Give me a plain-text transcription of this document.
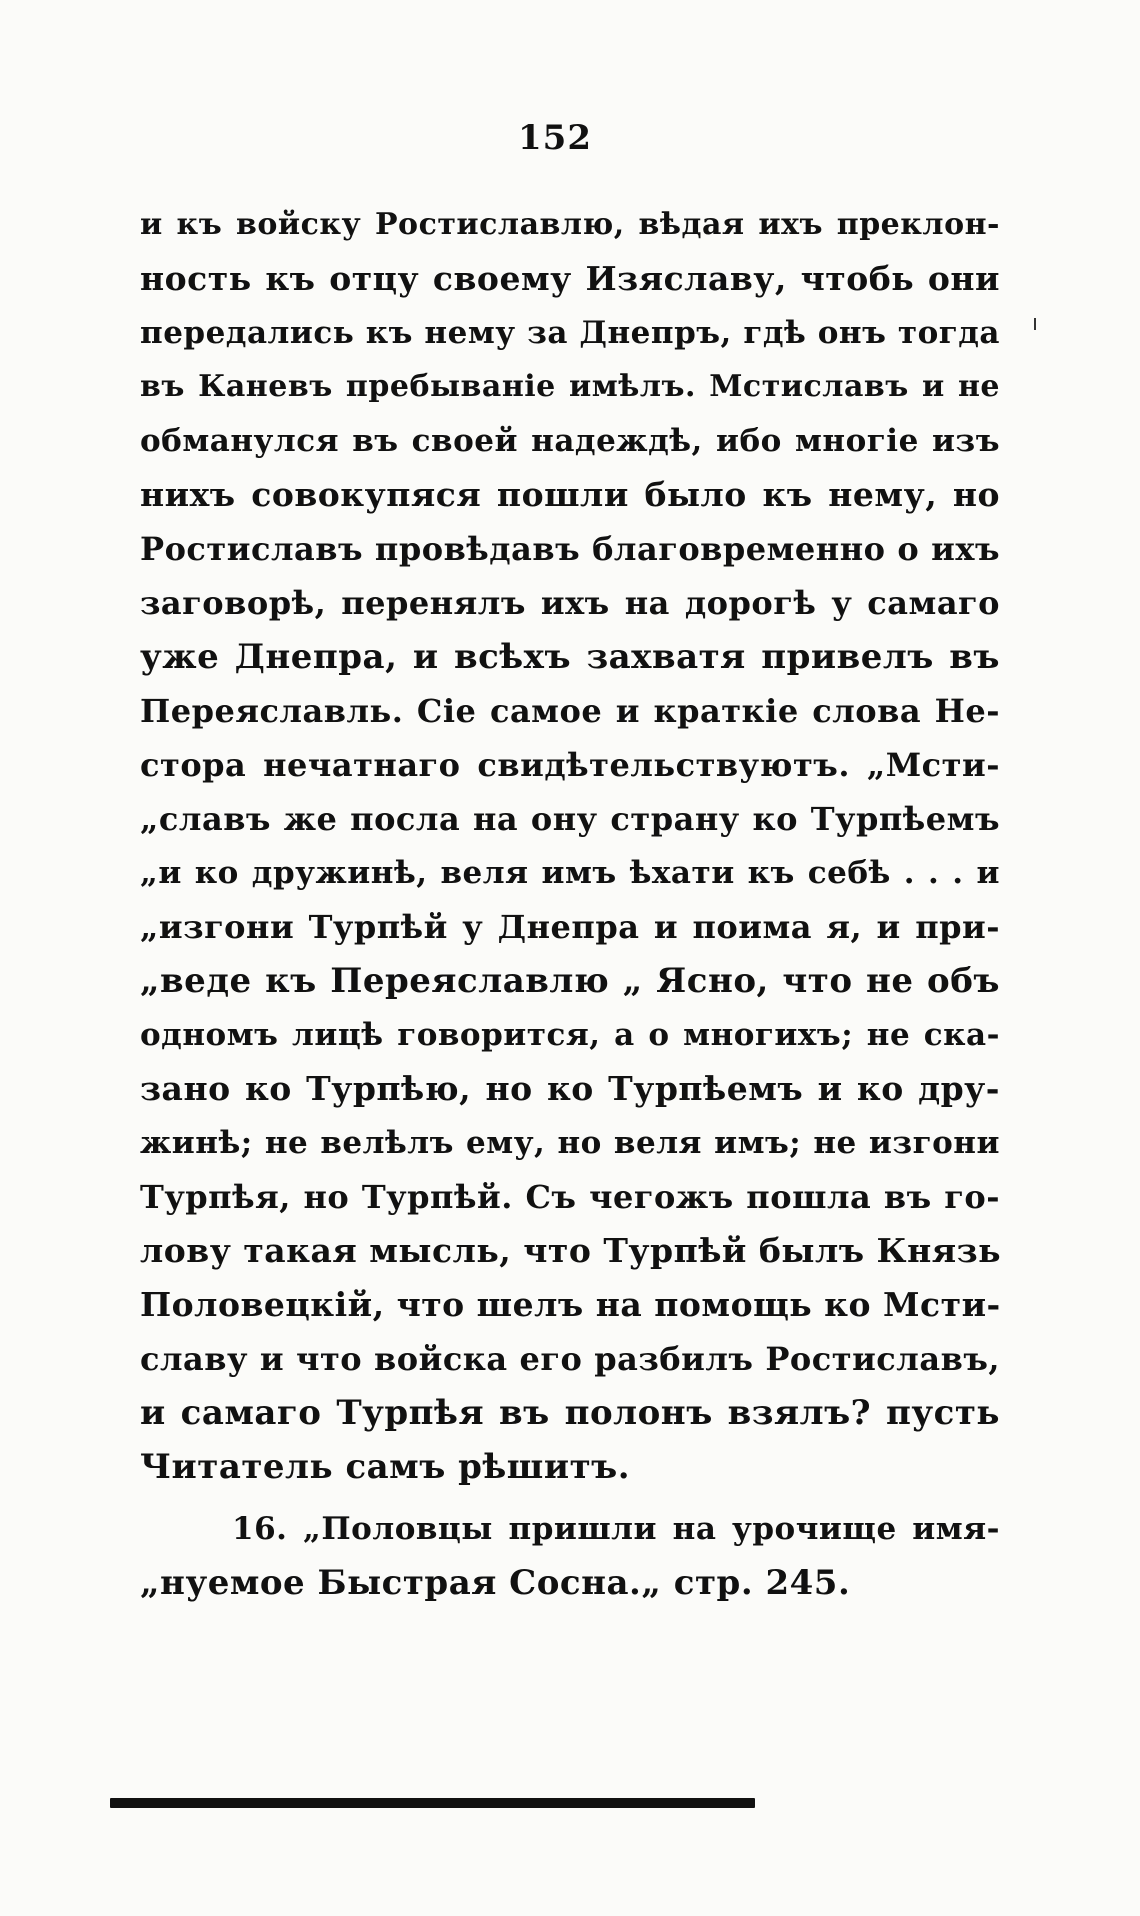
152
и къ войску Ростиславлю, вѣдая ихъ преклон-
ность къ отцу своему Изяславу, чтобь они
передались къ нему за Днепръ, гдѣ онъ тогда
въ Каневъ пребываніе имѣлъ. Мстиславъ и не
обманулся въ своей надеждѣ, ибо многіе изъ
нихъ совокупяся пошли было къ нему, но
Ростиславъ провѣдавъ благовременно о ихъ
заговорѣ, перенялъ ихъ на дорогѣ у самаго
уже Днепра, и всѣхъ захватя привелъ въ
Переяславль. Сіе самое и краткіе слова Не-
стора нечатнаго свидѣтельствуютъ. „Мсти-
„славъ же посла на ону страну ко Турпѣемъ
„и ко дружинѣ, веля имъ ѣхати къ себѣ . . . и
„изгони Турпѣй у Днепра и поима я, и при-
„веде къ Переяславлю „ Ясно, что не объ
одномъ лицѣ говорится, а о многихъ; не ска-
зано ко Турпѣю, но ко Турпѣемъ и ко дру-
жинѣ; не велѣлъ ему, но веля имъ; не изгони
Турпѣя, но Турпѣй. Съ чегожъ пошла въ го-
лову такая мысль, что Турпѣй былъ Князь
Половецкій, что шелъ на помощь ко Мсти-
славу и что войска его разбилъ Ростиславъ,
и самаго Турпѣя въ полонъ взялъ? пусть
Читатель самъ рѣшитъ.
16. „Половцы пришли на урочище имя-
„нуемое Быстрая Сосна.„ стр. 245.
